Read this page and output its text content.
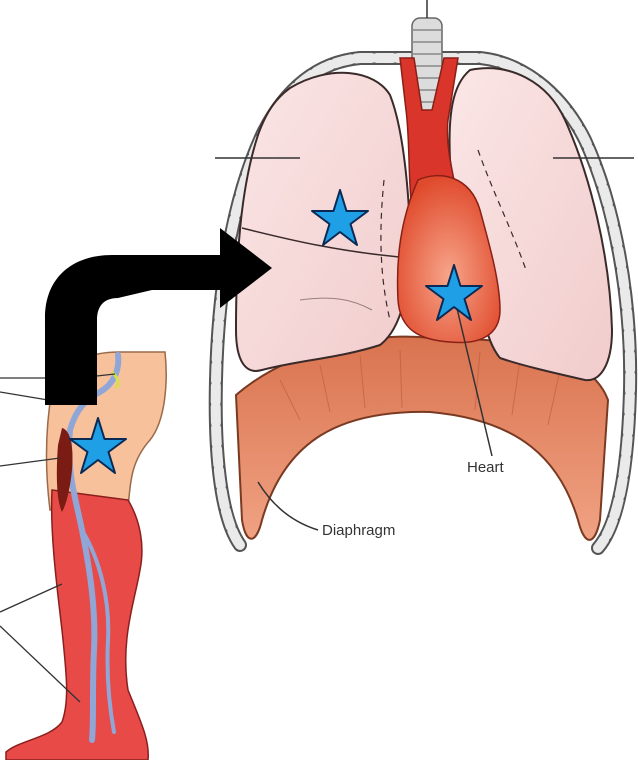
Heart
Diaphragm
